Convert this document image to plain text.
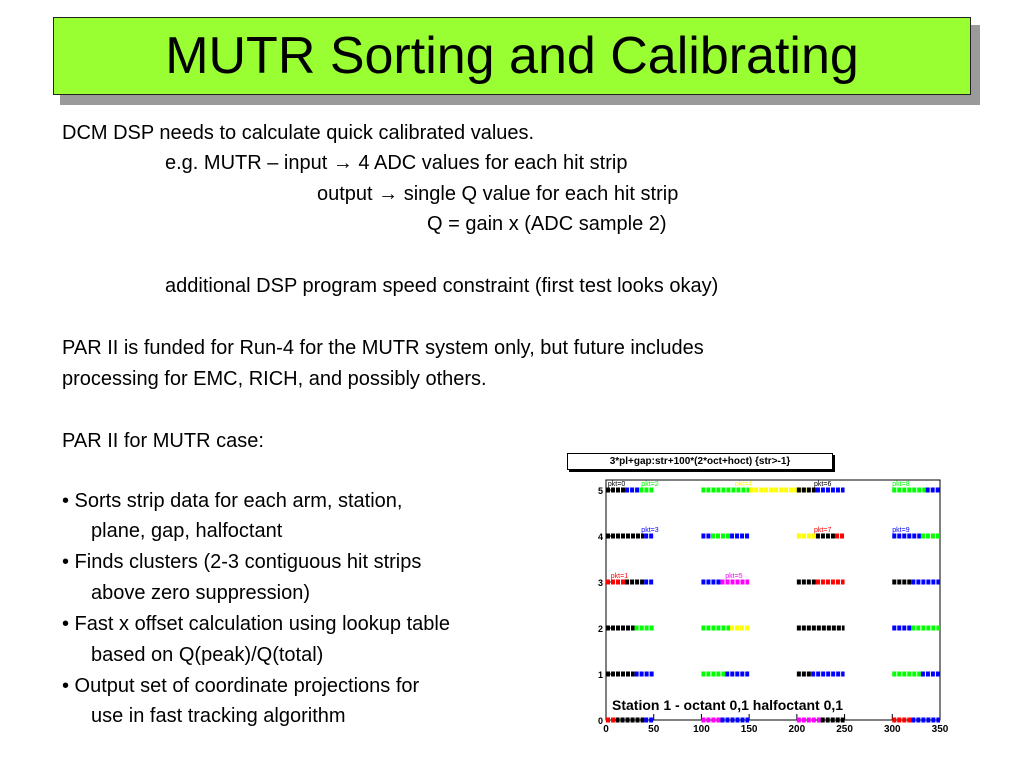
MUTR Sorting and Calibrating
DCM DSP needs to calculate quick calibrated values.
e.g. MUTR – input → 4 ADC values for each hit strip
output → single Q value for each hit strip
Q = gain x (ADC sample 2)
additional DSP program speed constraint (first test looks okay)
PAR II is funded for Run-4 for the MUTR system only, but future includes
processing for EMC, RICH, and possibly others.
PAR II for MUTR case:
• Sorts strip data for each arm, station,
plane, gap, halfoctant
• Finds clusters (2-3 contiguous hit strips
above zero suppression)
• Fast x offset calculation using lookup table
based on Q(peak)/Q(total)
• Output set of coordinate projections for
use in fast tracking algorithm
0	50	100	150	200	250	300	350
0
1
2
3
4
5
pkt=0 pkt=2	pkt=4	pkt=6	pkt=8
pkt=3	pkt=7	pkt=9
pkt=1	pkt=5
Station 1 - octant 0,1 halfoctant 0,1
3*pl+gap:str+100*(2*oct+hoct) {str>-1}
